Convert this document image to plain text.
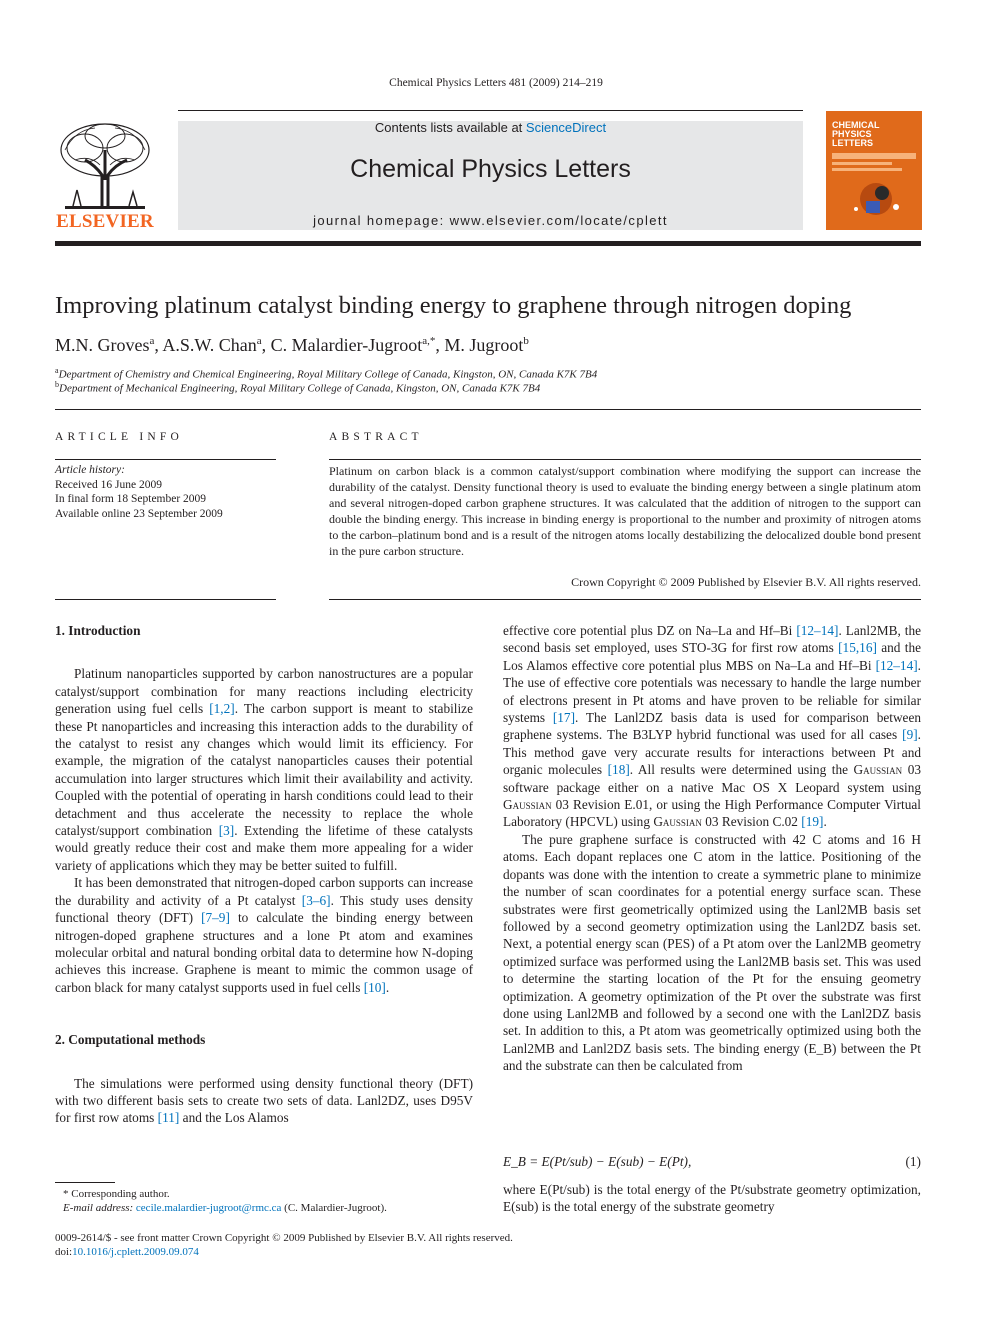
Chemical Physics Letters 481 (2009) 214–219
ELSEVIER
Contents lists available at ScienceDirect
Chemical Physics Letters
journal homepage: www.elsevier.com/locate/cplett
CHEMICAL
PHYSICS
LETTERS
Improving platinum catalyst binding energy to graphene through nitrogen doping
M.N. Groves$^a$, A.S.W. Chan$^a$, C. Malardier-Jugroot$^{a,*}$, M. Jugroot$^b$
$^a$Department of Chemistry and Chemical Engineering, Royal Military College of Canada, Kingston, ON, Canada K7K 7B4
$^b$Department of Mechanical Engineering, Royal Military College of Canada, Kingston, ON, Canada K7K 7B4
ARTICLE INFO
Article history:
Received 16 June 2009
In final form 18 September 2009
Available online 23 September 2009
ABSTRACT
Platinum on carbon black is a common catalyst/support combination where modifying the support can increase the durability of the catalyst. Density functional theory is used to evaluate the binding energy between a single platinum atom and several nitrogen-doped carbon graphene structures. It was calculated that the addition of nitrogen to the support can double the binding energy. This increase in binding energy is proportional to the number and proximity of nitrogen atoms to the carbon–platinum bond and is a result of the nitrogen atoms locally destabilizing the delocalized double bond present in the pure carbon structure.
Crown Copyright © 2009 Published by Elsevier B.V. All rights reserved.
1. Introduction

Platinum nanoparticles supported by carbon nanostructures are a popular catalyst/support combination for many reactions including electricity generation using fuel cells [1,2]. The carbon support is meant to stabilize these Pt nanoparticles and increasing this interaction adds to the durability of the catalyst to resist any changes which would limit its efficiency. For example, the migration of the catalyst nanoparticles causes their potential accumulation into larger structures which limit their availability and activity. Coupled with the potential of operating in harsh conditions could lead to their detachment and thus accelerate the necessity to replace the whole catalyst/support combination [3]. Extending the lifetime of these catalysts would greatly reduce their cost and make them more appealing for a wider variety of applications which they may be better suited to fulfill.

It has been demonstrated that nitrogen-doped carbon supports can increase the durability and activity of a Pt catalyst [3–6]. This study uses density functional theory (DFT) [7–9] to calculate the binding energy between nitrogen-doped graphene structures and a lone Pt atom and examines molecular orbital and natural bonding orbital data to determine how N-doping achieves this increase. Graphene is meant to mimic the common usage of carbon black for many catalyst supports used in fuel cells [10].

2. Computational methods

The simulations were performed using density functional theory (DFT) with two different basis sets to create two sets of data. Lanl2DZ, uses D95V for first row atoms [11] and the Los Alamos

effective core potential plus DZ on Na–La and Hf–Bi [12–14]. Lanl2MB, the second basis set employed, uses STO-3G for first row atoms [15,16] and the Los Alamos effective core potential plus MBS on Na–La and Hf–Bi [12–14]. The use of effective core potentials was necessary to handle the large number of electrons present in Pt atoms and have proven to be reliable for similar systems [17]. The Lanl2DZ basis data is used for comparison between graphene systems. The B3LYP hybrid functional was used for all cases [9]. This method gave very accurate results for interactions between Pt and organic molecules [18]. All results were determined using the Gaussian 03 software package either on a native Mac OS X Leopard system using Gaussian 03 Revision E.01, or using the High Performance Computer Virtual Laboratory (HPCVL) using Gaussian 03 Revision C.02 [19].

The pure graphene surface is constructed with 42 C atoms and 16 H atoms. Each dopant replaces one C atom in the lattice. Positioning of the dopants was done with the intention to create a symmetric plane to minimize the number of scan coordinates for a potential energy surface scan. These substrates were first geometrically optimized using the Lanl2MB basis set followed by a second geometry optimization using the Lanl2DZ basis set. Next, a potential energy scan (PES) of a Pt atom over the Lanl2MB geometry optimized surface was performed using the Lanl2MB basis set. This was used to determine the starting location of the Pt for the ensuing geometry optimization. A geometry optimization of the Pt over the substrate was first done using Lanl2MB and followed by a second one with the Lanl2DZ basis set. In addition to this, a Pt atom was geometrically optimized using both the Lanl2MB and Lanl2DZ basis sets. The binding energy (E_B) between the Pt and the substrate can then be calculated from

E_B = E(Pt/sub) − E(sub) − E(Pt),	(1)

where E(Pt/sub) is the total energy of the Pt/substrate geometry optimization, E(sub) is the total energy of the substrate geometry

* Corresponding author.
E-mail address: cecile.malardier-jugroot@rmc.ca (C. Malardier-Jugroot).
0009-2614/$ - see front matter Crown Copyright © 2009 Published by Elsevier B.V. All rights reserved.
doi:10.1016/j.cplett.2009.09.074
